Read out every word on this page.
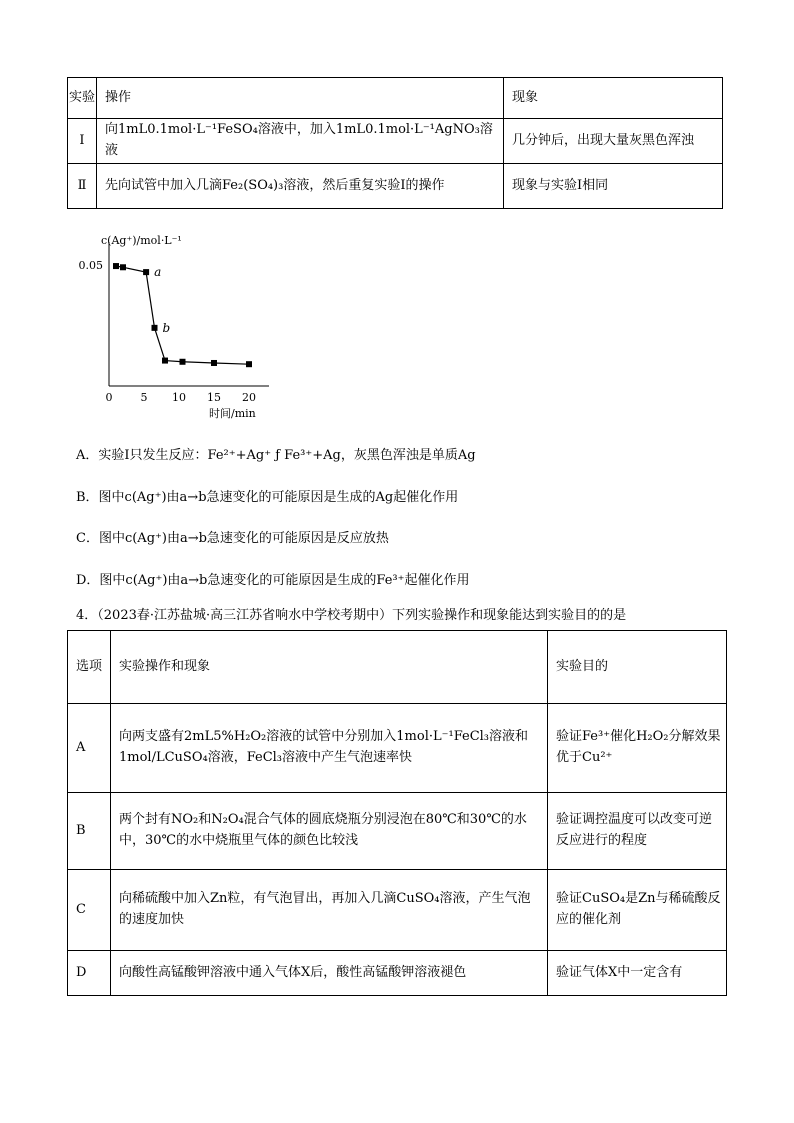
实验	操作	现象
Ⅰ	向1mL0.1mol·L⁻¹FeSO₄溶液中，加入1mL0.1mol·L⁻¹AgNO₃溶液	几分钟后，出现大量灰黑色浑浊
Ⅱ	先向试管中加入几滴Fe₂(SO₄)₃溶液，然后重复实验Ⅰ的操作	现象与实验Ⅰ相同
0	5 10 15 20
0.05
c(Ag⁺)/mol·L⁻¹
时间/min
a
b
A．实验Ⅰ只发生反应：Fe²⁺+Ag⁺ ƒ Fe³⁺+Ag，灰黑色浑浊是单质Ag
B．图中c(Ag⁺)由a→b急速变化的可能原因是生成的Ag起催化作用
C．图中c(Ag⁺)由a→b急速变化的可能原因是反应放热
D．图中c(Ag⁺)由a→b急速变化的可能原因是生成的Fe³⁺起催化作用
4．（2023春·江苏盐城·高三江苏省响水中学校考期中）下列实验操作和现象能达到实验目的的是
选项	实验操作和现象	实验目的
A	向两支盛有2mL5%H₂O₂溶液的试管中分别加入1mol·L⁻¹FeCl₃溶液和1mol/LCuSO₄溶液，FeCl₃溶液中产生气泡速率快	验证Fe³⁺催化H₂O₂分解效果优于Cu²⁺
B	两个封有NO₂和N₂O₄混合气体的圆底烧瓶分别浸泡在80℃和30℃的水中，30℃的水中烧瓶里气体的颜色比较浅	验证调控温度可以改变可逆反应进行的程度
C	向稀硫酸中加入Zn粒，有气泡冒出，再加入几滴CuSO₄溶液，产生气泡的速度加快	验证CuSO₄是Zn与稀硫酸反应的催化剂
D	向酸性高锰酸钾溶液中通入气体X后，酸性高锰酸钾溶液褪色	验证气体X中一定含有
